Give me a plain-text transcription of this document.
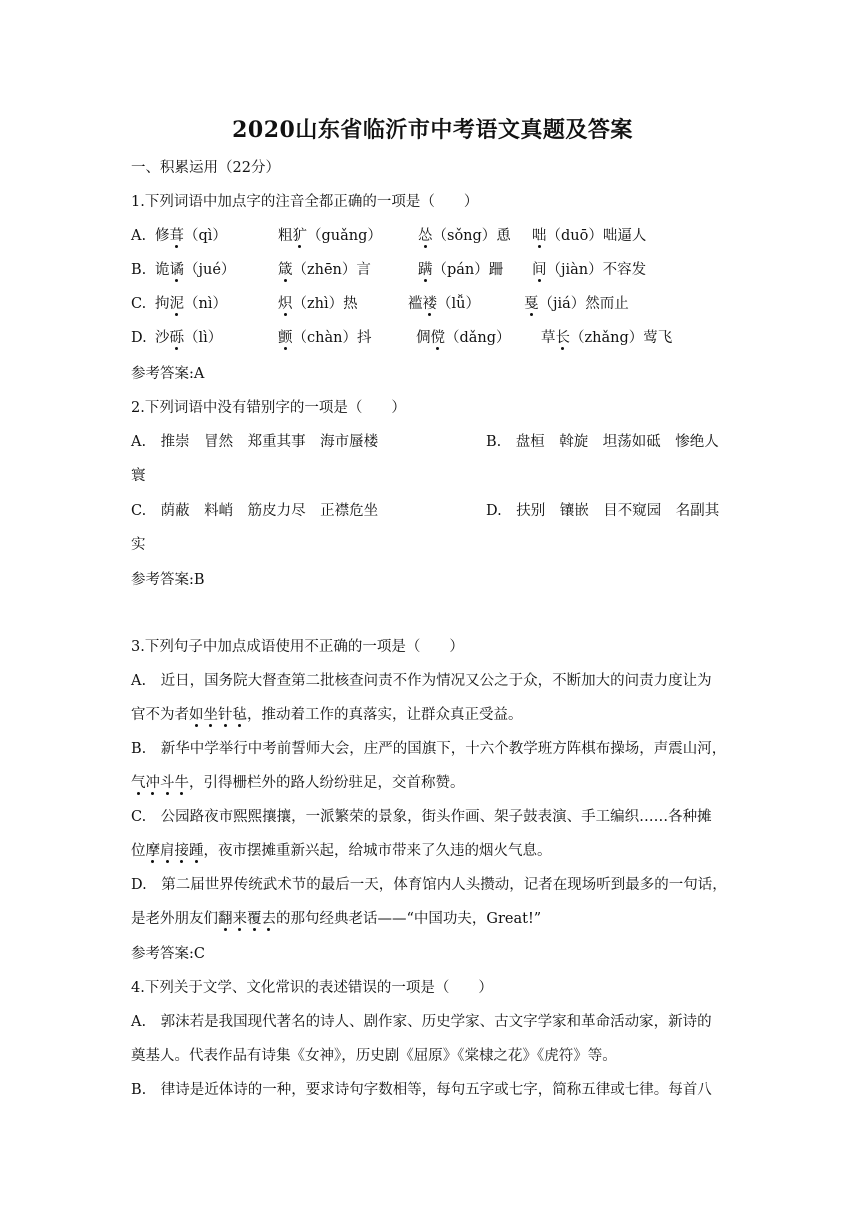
2020山东省临沂市中考语文真题及答案
一、积累运用（22分）
1.下列词语中加点字的注音全都正确的一项是（　　）
A. 修葺（qì）	粗犷（guǎng） 怂（sǒng）恿 咄（duō）咄逼人
B. 诡谲（jué）	箴（zhēn）言	蹒（pán）跚 间（jiàn）不容发
C. 拘泥（nì）	炽（zhì）热	褴褛（lǚ）	戛（jiá）然而止
D. 沙砾（lì）	颤（chàn）抖	倜傥（dǎng） 草长（zhǎng）莺飞
参考答案:A
2.下列词语中没有错别字的一项是（　　）
A.　推崇　冒然　郑重其事　海市蜃楼	B.　盘桓　斡旋　坦荡如砥　惨绝人
寰
C.　荫蔽　料峭　筋皮力尽　正襟危坐	D.　扶别　镶嵌　目不窥园　名副其
实
参考答案:B
3.下列句子中加点成语使用不正确的一项是（　　）
A.　近日，国务院大督查第二批核查问责不作为情况又公之于众，不断加大的问责力度让为
官不为者如坐针毡，推动着工作的真落实，让群众真正受益。
B.　新华中学举行中考前誓师大会，庄严的国旗下，十六个教学班方阵棋布操场，声震山河，
气冲斗牛，引得栅栏外的路人纷纷驻足，交首称赞。
C.　公园路夜市熙熙攘攘，一派繁荣的景象，街头作画、架子鼓表演、手工编织……各种摊
位摩肩接踵，夜市摆摊重新兴起，给城市带来了久违的烟火气息。
D.　第二届世界传统武术节的最后一天，体育馆内人头攒动，记者在现场听到最多的一句话，
是老外朋友们翻来覆去的那句经典老话——“中国功夫，Great!”
参考答案:C
4.下列关于文学、文化常识的表述错误的一项是（　　）
A.　郭沫若是我国现代著名的诗人、剧作家、历史学家、古文字学家和革命活动家，新诗的
奠基人。代表作品有诗集《女神》，历史剧《屈原》《棠棣之花》《虎符》等。
B.　律诗是近体诗的一种，要求诗句字数相等，每句五字或七字，简称五律或七律。每首八
